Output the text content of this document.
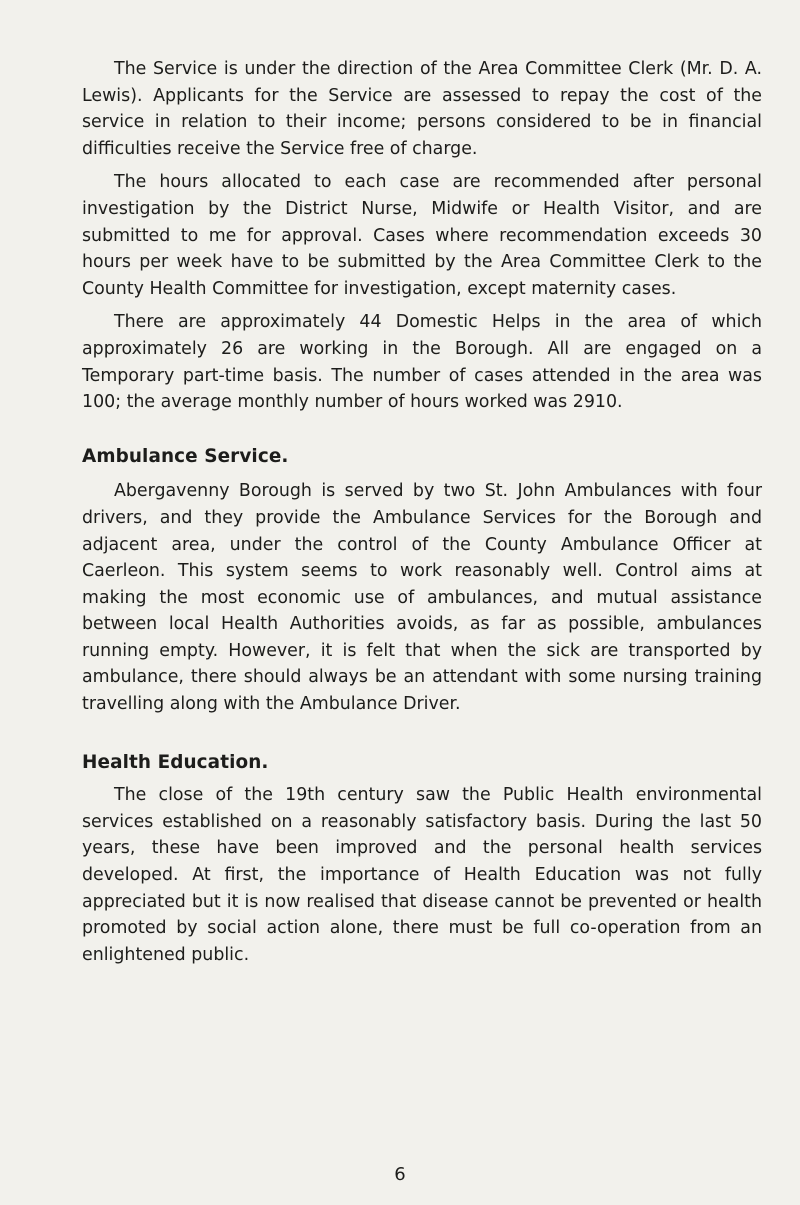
The Service is under the direction of the Area Committee Clerk (Mr. D. A. Lewis). Applicants for the Service are assessed to repay the cost of the service in relation to their income; persons considered to be in financial difficulties receive the Service free of charge.

The hours allocated to each case are recommended after personal investigation by the District Nurse, Midwife or Health Visitor, and are submitted to me for approval. Cases where recommendation exceeds 30 hours per week have to be submitted by the Area Committee Clerk to the County Health Committee for investigation, except maternity cases.

There are approximately 44 Domestic Helps in the area of which approximately 26 are working in the Borough. All are engaged on a Temporary part-time basis. The number of cases attended in the area was 100; the average monthly number of hours worked was 2910.

Ambulance Service.

Abergavenny Borough is served by two St. John Ambulances with four drivers, and they provide the Ambulance Services for the Borough and adjacent area, under the control of the County Ambulance Officer at Caerleon. This system seems to work reasonably well. Control aims at making the most economic use of ambulances, and mutual assistance between local Health Authorities avoids, as far as possible, ambulances running empty. However, it is felt that when the sick are transported by ambulance, there should always be an attendant with some nursing training travelling along with the Ambulance Driver.

Health Education.

The close of the 19th century saw the Public Health environmental services established on a reasonably satisfactory basis. During the last 50 years, these have been improved and the personal health services developed. At first, the importance of Health Education was not fully appreciated but it is now realised that disease cannot be prevented or health promoted by social action alone, there must be full co-operation from an enlightened public.

6
